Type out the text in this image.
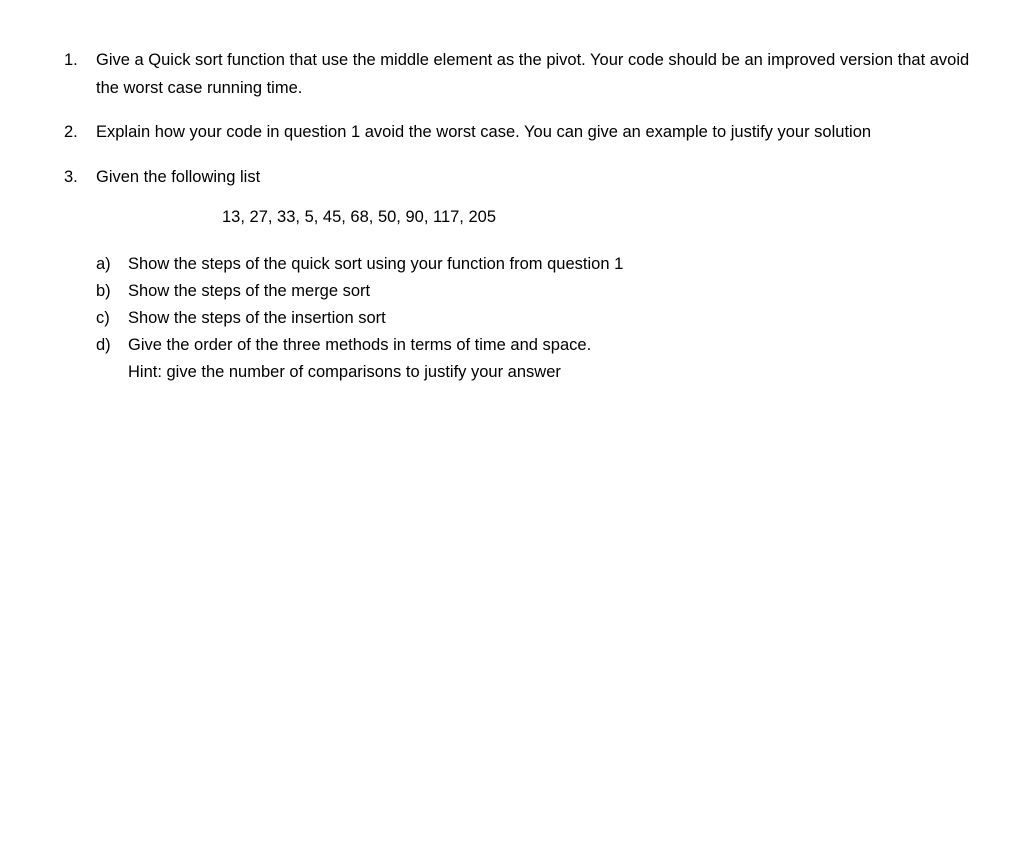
1.	Give a Quick sort function that use the middle element as the pivot. Your code should be an improved version that avoid the worst case running time.
2.	Explain how your code in question 1 avoid the worst case. You can give an example to justify your solution
3.	Given the following list
13, 27, 33, 5, 45, 68, 50, 90, 117, 205
a)	Show the steps of the quick sort using your function from question 1
b)	Show the steps of the merge sort
c)	Show the steps of the insertion sort
d)	Give the order of the three methods in terms of time and space.
Hint: give the number of comparisons to justify your answer
